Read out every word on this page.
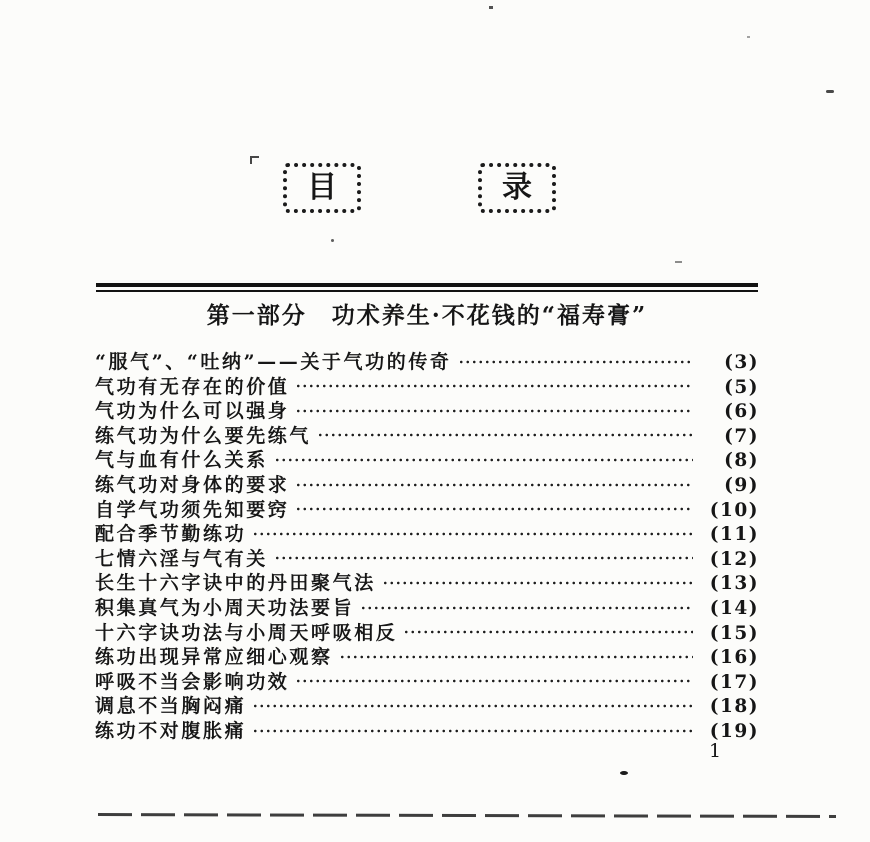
目	录
第一部分　功术养生·不花钱的“福寿膏”
“服气”、“吐纳”——关于气功的传奇	(3)
气功有无存在的价值	(5)
气功为什么可以强身	(6)
练气功为什么要先练气	(7)
气与血有什么关系	(8)
练气功对身体的要求	(9)
自学气功须先知要窍	(10)
配合季节勤练功	(11)
七情六淫与气有关	(12)
长生十六字诀中的丹田聚气法	(13)
积集真气为小周天功法要旨	(14)
十六字诀功法与小周天呼吸相反	(15)
练功出现异常应细心观察	(16)
呼吸不当会影响功效	(17)
调息不当胸闷痛	(18)
练功不对腹胀痛	(19)
1
